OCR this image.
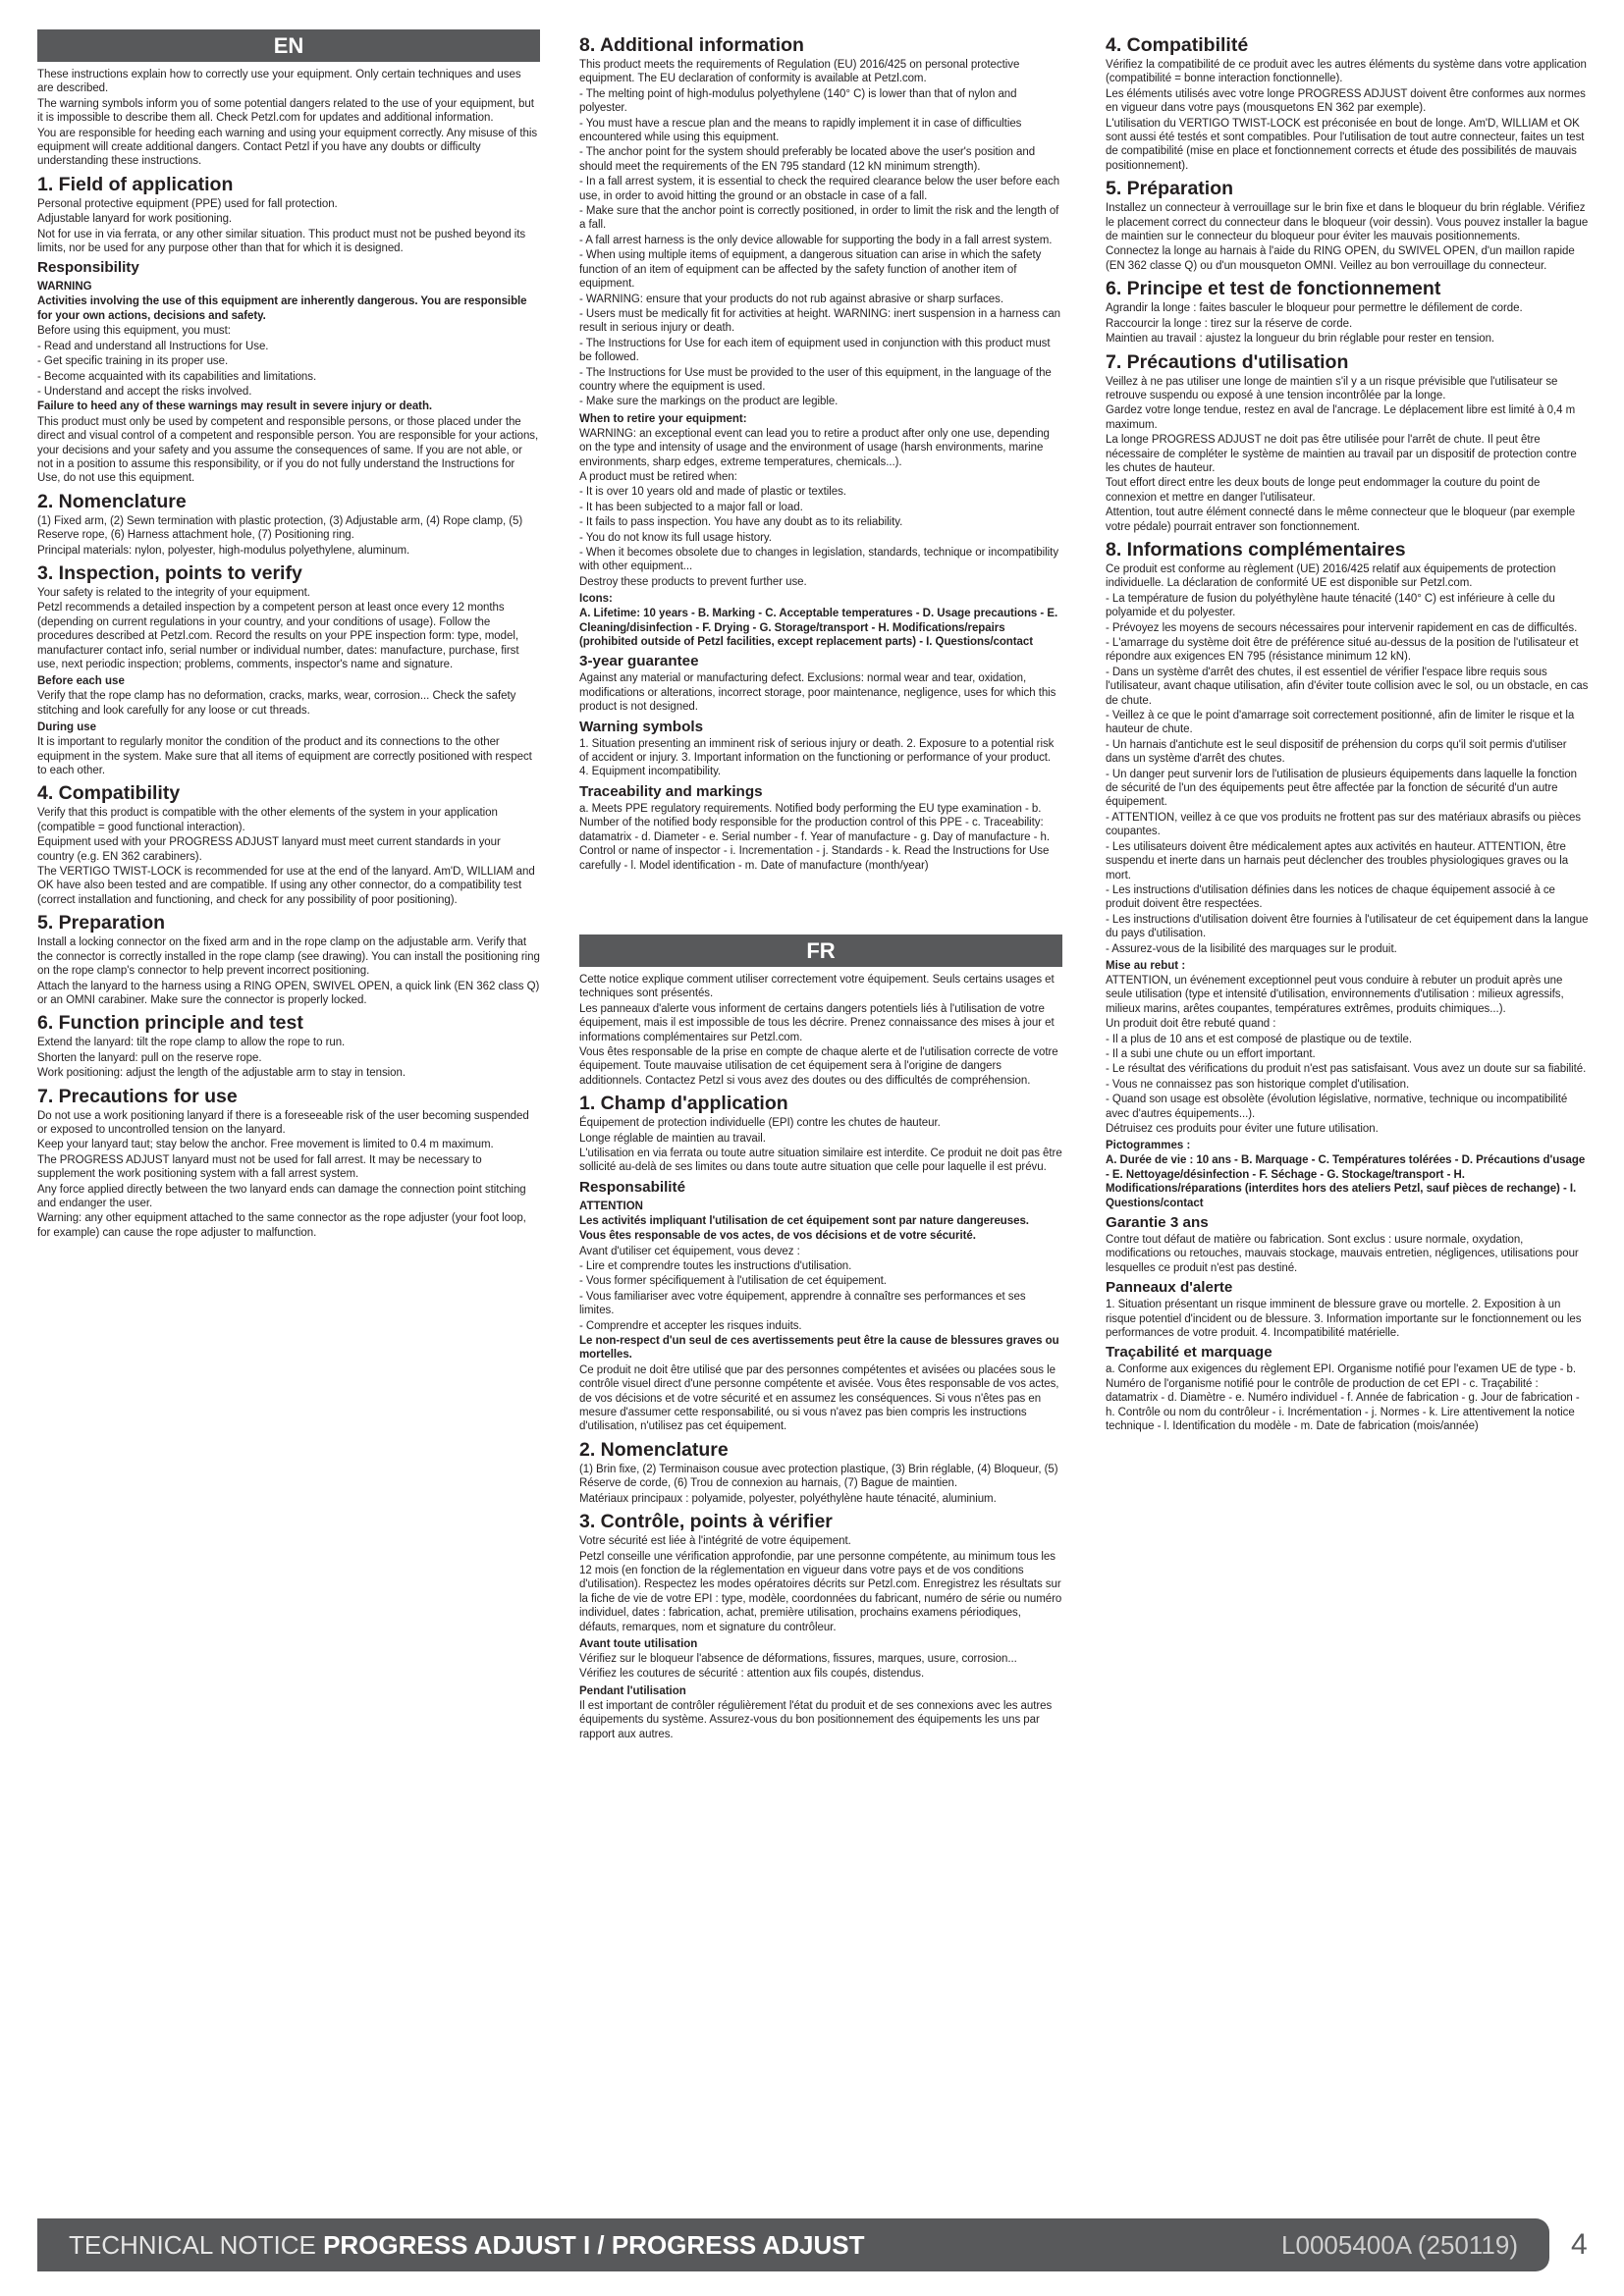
EN

These instructions explain how to correctly use your equipment. Only certain techniques and uses are described.

The warning symbols inform you of some potential dangers related to the use of your equipment, but it is impossible to describe them all. Check Petzl.com for updates and additional information.

You are responsible for heeding each warning and using your equipment correctly. Any misuse of this equipment will create additional dangers. Contact Petzl if you have any doubts or difficulty understanding these instructions.

1. Field of application

Personal protective equipment (PPE) used for fall protection.

Adjustable lanyard for work positioning.

Not for use in via ferrata, or any other similar situation. This product must not be pushed beyond its limits, nor be used for any purpose other than that for which it is designed.

Responsibility
WARNING

Activities involving the use of this equipment are inherently dangerous. You are responsible for your own actions, decisions and safety.

Before using this equipment, you must:

- Read and understand all Instructions for Use.

- Get specific training in its proper use.

- Become acquainted with its capabilities and limitations.

- Understand and accept the risks involved.

Failure to heed any of these warnings may result in severe injury or death.

This product must only be used by competent and responsible persons, or those placed under the direct and visual control of a competent and responsible person. You are responsible for your actions, your decisions and your safety and you assume the consequences of same. If you are not able, or not in a position to assume this responsibility, or if you do not fully understand the Instructions for Use, do not use this equipment.

2. Nomenclature

(1) Fixed arm, (2) Sewn termination with plastic protection, (3) Adjustable arm, (4) Rope clamp, (5) Reserve rope, (6) Harness attachment hole, (7) Positioning ring.

Principal materials: nylon, polyester, high-modulus polyethylene, aluminum.

3. Inspection, points to verify

Your safety is related to the integrity of your equipment.

Petzl recommends a detailed inspection by a competent person at least once every 12 months (depending on current regulations in your country, and your conditions of usage). Follow the procedures described at Petzl.com. Record the results on your PPE inspection form: type, model, manufacturer contact info, serial number or individual number, dates: manufacture, purchase, first use, next periodic inspection; problems, comments, inspector's name and signature.

Before each use

Verify that the rope clamp has no deformation, cracks, marks, wear, corrosion... Check the safety stitching and look carefully for any loose or cut threads.

During use

It is important to regularly monitor the condition of the product and its connections to the other equipment in the system. Make sure that all items of equipment are correctly positioned with respect to each other.

4. Compatibility

Verify that this product is compatible with the other elements of the system in your application (compatible = good functional interaction).

Equipment used with your PROGRESS ADJUST lanyard must meet current standards in your country (e.g. EN 362 carabiners).

The VERTIGO TWIST-LOCK is recommended for use at the end of the lanyard. Am'D, WILLIAM and OK have also been tested and are compatible. If using any other connector, do a compatibility test (correct installation and functioning, and check for any possibility of poor positioning).

5. Preparation

Install a locking connector on the fixed arm and in the rope clamp on the adjustable arm. Verify that the connector is correctly installed in the rope clamp (see drawing). You can install the positioning ring on the rope clamp's connector to help prevent incorrect positioning.

Attach the lanyard to the harness using a RING OPEN, SWIVEL OPEN, a quick link (EN 362 class Q) or an OMNI carabiner. Make sure the connector is properly locked.

6. Function principle and test

Extend the lanyard: tilt the rope clamp to allow the rope to run.

Shorten the lanyard: pull on the reserve rope.

Work positioning: adjust the length of the adjustable arm to stay in tension.

7. Precautions for use

Do not use a work positioning lanyard if there is a foreseeable risk of the user becoming suspended or exposed to uncontrolled tension on the lanyard.

Keep your lanyard taut; stay below the anchor. Free movement is limited to 0.4 m maximum.

The PROGRESS ADJUST lanyard must not be used for fall arrest. It may be necessary to supplement the work positioning system with a fall arrest system.

Any force applied directly between the two lanyard ends can damage the connection point stitching and endanger the user.

Warning: any other equipment attached to the same connector as the rope adjuster (your foot loop, for example) can cause the rope adjuster to malfunction.

8. Additional information

This product meets the requirements of Regulation (EU) 2016/425 on personal protective equipment. The EU declaration of conformity is available at Petzl.com.

- The melting point of high-modulus polyethylene (140° C) is lower than that of nylon and polyester.

- You must have a rescue plan and the means to rapidly implement it in case of difficulties encountered while using this equipment.

- The anchor point for the system should preferably be located above the user's position and should meet the requirements of the EN 795 standard (12 kN minimum strength).

- In a fall arrest system, it is essential to check the required clearance below the user before each use, in order to avoid hitting the ground or an obstacle in case of a fall.

- Make sure that the anchor point is correctly positioned, in order to limit the risk and the length of a fall.

- A fall arrest harness is the only device allowable for supporting the body in a fall arrest system.

- When using multiple items of equipment, a dangerous situation can arise in which the safety function of an item of equipment can be affected by the safety function of another item of equipment.

- WARNING: ensure that your products do not rub against abrasive or sharp surfaces.

- Users must be medically fit for activities at height. WARNING: inert suspension in a harness can result in serious injury or death.

- The Instructions for Use for each item of equipment used in conjunction with this product must be followed.

- The Instructions for Use must be provided to the user of this equipment, in the language of the country where the equipment is used.

- Make sure the markings on the product are legible.

When to retire your equipment:

WARNING: an exceptional event can lead you to retire a product after only one use, depending on the type and intensity of usage and the environment of usage (harsh environments, marine environments, sharp edges, extreme temperatures, chemicals...).

A product must be retired when:

- It is over 10 years old and made of plastic or textiles.

- It has been subjected to a major fall or load.

- It fails to pass inspection. You have any doubt as to its reliability.

- You do not know its full usage history.

- When it becomes obsolete due to changes in legislation, standards, technique or incompatibility with other equipment...

Destroy these products to prevent further use.

Icons:

A. Lifetime: 10 years - B. Marking - C. Acceptable temperatures - D. Usage precautions - E. Cleaning/disinfection - F. Drying - G. Storage/transport - H. Modifications/repairs (prohibited outside of Petzl facilities, except replacement parts) - I. Questions/contact

3-year guarantee

Against any material or manufacturing defect. Exclusions: normal wear and tear, oxidation, modifications or alterations, incorrect storage, poor maintenance, negligence, uses for which this product is not designed.

Warning symbols

1. Situation presenting an imminent risk of serious injury or death. 2. Exposure to a potential risk of accident or injury. 3. Important information on the functioning or performance of your product. 4. Equipment incompatibility.

Traceability and markings

a. Meets PPE regulatory requirements. Notified body performing the EU type examination - b. Number of the notified body responsible for the production control of this PPE - c. Traceability: datamatrix - d. Diameter - e. Serial number - f. Year of manufacture - g. Day of manufacture - h. Control or name of inspector - i. Incrementation - j. Standards - k. Read the Instructions for Use carefully - l. Model identification - m. Date of manufacture (month/year)

FR

Cette notice explique comment utiliser correctement votre équipement. Seuls certains usages et techniques sont présentés.

Les panneaux d'alerte vous informent de certains dangers potentiels liés à l'utilisation de votre équipement, mais il est impossible de tous les décrire. Prenez connaissance des mises à jour et informations complémentaires sur Petzl.com.

Vous êtes responsable de la prise en compte de chaque alerte et de l'utilisation correcte de votre équipement. Toute mauvaise utilisation de cet équipement sera à l'origine de dangers additionnels. Contactez Petzl si vous avez des doutes ou des difficultés de compréhension.

1. Champ d'application

Équipement de protection individuelle (EPI) contre les chutes de hauteur.

Longe réglable de maintien au travail.

L'utilisation en via ferrata ou toute autre situation similaire est interdite. Ce produit ne doit pas être sollicité au-delà de ses limites ou dans toute autre situation que celle pour laquelle il est prévu.

Responsabilité
ATTENTION

Les activités impliquant l'utilisation de cet équipement sont par nature dangereuses.

Vous êtes responsable de vos actes, de vos décisions et de votre sécurité.

Avant d'utiliser cet équipement, vous devez :

- Lire et comprendre toutes les instructions d'utilisation.

- Vous former spécifiquement à l'utilisation de cet équipement.

- Vous familiariser avec votre équipement, apprendre à connaître ses performances et ses limites.

- Comprendre et accepter les risques induits.

Le non-respect d'un seul de ces avertissements peut être la cause de blessures graves ou mortelles.

Ce produit ne doit être utilisé que par des personnes compétentes et avisées ou placées sous le contrôle visuel direct d'une personne compétente et avisée. Vous êtes responsable de vos actes, de vos décisions et de votre sécurité et en assumez les conséquences. Si vous n'êtes pas en mesure d'assumer cette responsabilité, ou si vous n'avez pas bien compris les instructions d'utilisation, n'utilisez pas cet équipement.

2. Nomenclature

(1) Brin fixe, (2) Terminaison cousue avec protection plastique, (3) Brin réglable, (4) Bloqueur, (5) Réserve de corde, (6) Trou de connexion au harnais, (7) Bague de maintien.

Matériaux principaux : polyamide, polyester, polyéthylène haute ténacité, aluminium.

3. Contrôle, points à vérifier

Votre sécurité est liée à l'intégrité de votre équipement.

Petzl conseille une vérification approfondie, par une personne compétente, au minimum tous les 12 mois (en fonction de la réglementation en vigueur dans votre pays et de vos conditions d'utilisation). Respectez les modes opératoires décrits sur Petzl.com. Enregistrez les résultats sur la fiche de vie de votre EPI : type, modèle, coordonnées du fabricant, numéro de série ou numéro individuel, dates : fabrication, achat, première utilisation, prochains examens périodiques, défauts, remarques, nom et signature du contrôleur.

Avant toute utilisation

Vérifiez sur le bloqueur l'absence de déformations, fissures, marques, usure, corrosion...

Vérifiez les coutures de sécurité : attention aux fils coupés, distendus.

Pendant l'utilisation

Il est important de contrôler régulièrement l'état du produit et de ses connexions avec les autres équipements du système. Assurez-vous du bon positionnement des équipements les uns par rapport aux autres.

4. Compatibilité

Vérifiez la compatibilité de ce produit avec les autres éléments du système dans votre application (compatibilité = bonne interaction fonctionnelle).

Les éléments utilisés avec votre longe PROGRESS ADJUST doivent être conformes aux normes en vigueur dans votre pays (mousquetons EN 362 par exemple).

L'utilisation du VERTIGO TWIST-LOCK est préconisée en bout de longe. Am'D, WILLIAM et OK sont aussi été testés et sont compatibles. Pour l'utilisation de tout autre connecteur, faites un test de compatibilité (mise en place et fonctionnement corrects et étude des possibilités de mauvais positionnement).

5. Préparation

Installez un connecteur à verrouillage sur le brin fixe et dans le bloqueur du brin réglable. Vérifiez le placement correct du connecteur dans le bloqueur (voir dessin). Vous pouvez installer la bague de maintien sur le connecteur du bloqueur pour éviter les mauvais positionnements.

Connectez la longe au harnais à l'aide du RING OPEN, du SWIVEL OPEN, d'un maillon rapide (EN 362 classe Q) ou d'un mousqueton OMNI. Veillez au bon verrouillage du connecteur.

6. Principe et test de fonctionnement

Agrandir la longe : faites basculer le bloqueur pour permettre le défilement de corde.

Raccourcir la longe : tirez sur la réserve de corde.

Maintien au travail : ajustez la longueur du brin réglable pour rester en tension.

7. Précautions d'utilisation

Veillez à ne pas utiliser une longe de maintien s'il y a un risque prévisible que l'utilisateur se retrouve suspendu ou exposé à une tension incontrôlée par la longe.

Gardez votre longe tendue, restez en aval de l'ancrage. Le déplacement libre est limité à 0,4 m maximum.

La longe PROGRESS ADJUST ne doit pas être utilisée pour l'arrêt de chute. Il peut être nécessaire de compléter le système de maintien au travail par un dispositif de protection contre les chutes de hauteur.

Tout effort direct entre les deux bouts de longe peut endommager la couture du point de connexion et mettre en danger l'utilisateur.

Attention, tout autre élément connecté dans le même connecteur que le bloqueur (par exemple votre pédale) pourrait entraver son fonctionnement.

8. Informations complémentaires

Ce produit est conforme au règlement (UE) 2016/425 relatif aux équipements de protection individuelle. La déclaration de conformité UE est disponible sur Petzl.com.

- La température de fusion du polyéthylène haute ténacité (140° C) est inférieure à celle du polyamide et du polyester.

- Prévoyez les moyens de secours nécessaires pour intervenir rapidement en cas de difficultés.

- L'amarrage du système doit être de préférence situé au-dessus de la position de l'utilisateur et répondre aux exigences EN 795 (résistance minimum 12 kN).

- Dans un système d'arrêt des chutes, il est essentiel de vérifier l'espace libre requis sous l'utilisateur, avant chaque utilisation, afin d'éviter toute collision avec le sol, ou un obstacle, en cas de chute.

- Veillez à ce que le point d'amarrage soit correctement positionné, afin de limiter le risque et la hauteur de chute.

- Un harnais d'antichute est le seul dispositif de préhension du corps qu'il soit permis d'utiliser dans un système d'arrêt des chutes.

- Un danger peut survenir lors de l'utilisation de plusieurs équipements dans laquelle la fonction de sécurité de l'un des équipements peut être affectée par la fonction de sécurité d'un autre équipement.

- ATTENTION, veillez à ce que vos produits ne frottent pas sur des matériaux abrasifs ou pièces coupantes.

- Les utilisateurs doivent être médicalement aptes aux activités en hauteur. ATTENTION, être suspendu et inerte dans un harnais peut déclencher des troubles physiologiques graves ou la mort.

- Les instructions d'utilisation définies dans les notices de chaque équipement associé à ce produit doivent être respectées.

- Les instructions d'utilisation doivent être fournies à l'utilisateur de cet équipement dans la langue du pays d'utilisation.

- Assurez-vous de la lisibilité des marquages sur le produit.

Mise au rebut :

ATTENTION, un événement exceptionnel peut vous conduire à rebuter un produit après une seule utilisation (type et intensité d'utilisation, environnements d'utilisation : milieux agressifs, milieux marins, arêtes coupantes, températures extrêmes, produits chimiques...).

Un produit doit être rebuté quand :

- Il a plus de 10 ans et est composé de plastique ou de textile.

- Il a subi une chute ou un effort important.

- Le résultat des vérifications du produit n'est pas satisfaisant. Vous avez un doute sur sa fiabilité.

- Vous ne connaissez pas son historique complet d'utilisation.

- Quand son usage est obsolète (évolution législative, normative, technique ou incompatibilité avec d'autres équipements...).

Détruisez ces produits pour éviter une future utilisation.

Pictogrammes :

A. Durée de vie : 10 ans - B. Marquage - C. Températures tolérées - D. Précautions d'usage - E. Nettoyage/désinfection - F. Séchage - G. Stockage/transport - H. Modifications/réparations (interdites hors des ateliers Petzl, sauf pièces de rechange) - I. Questions/contact

Garantie 3 ans

Contre tout défaut de matière ou fabrication. Sont exclus : usure normale, oxydation, modifications ou retouches, mauvais stockage, mauvais entretien, négligences, utilisations pour lesquelles ce produit n'est pas destiné.

Panneaux d'alerte

1. Situation présentant un risque imminent de blessure grave ou mortelle. 2. Exposition à un risque potentiel d'incident ou de blessure. 3. Information importante sur le fonctionnement ou les performances de votre produit. 4. Incompatibilité matérielle.

Traçabilité et marquage

a. Conforme aux exigences du règlement EPI. Organisme notifié pour l'examen UE de type - b. Numéro de l'organisme notifié pour le contrôle de production de cet EPI - c. Traçabilité : datamatrix - d. Diamètre - e. Numéro individuel - f. Année de fabrication - g. Jour de fabrication - h. Contrôle ou nom du contrôleur - i. Incrémentation - j. Normes - k. Lire attentivement la notice technique - l. Identification du modèle - m. Date de fabrication (mois/année)

TECHNICAL NOTICE PROGRESS ADJUST I / PROGRESS ADJUST	L0005400A (250119) 4
